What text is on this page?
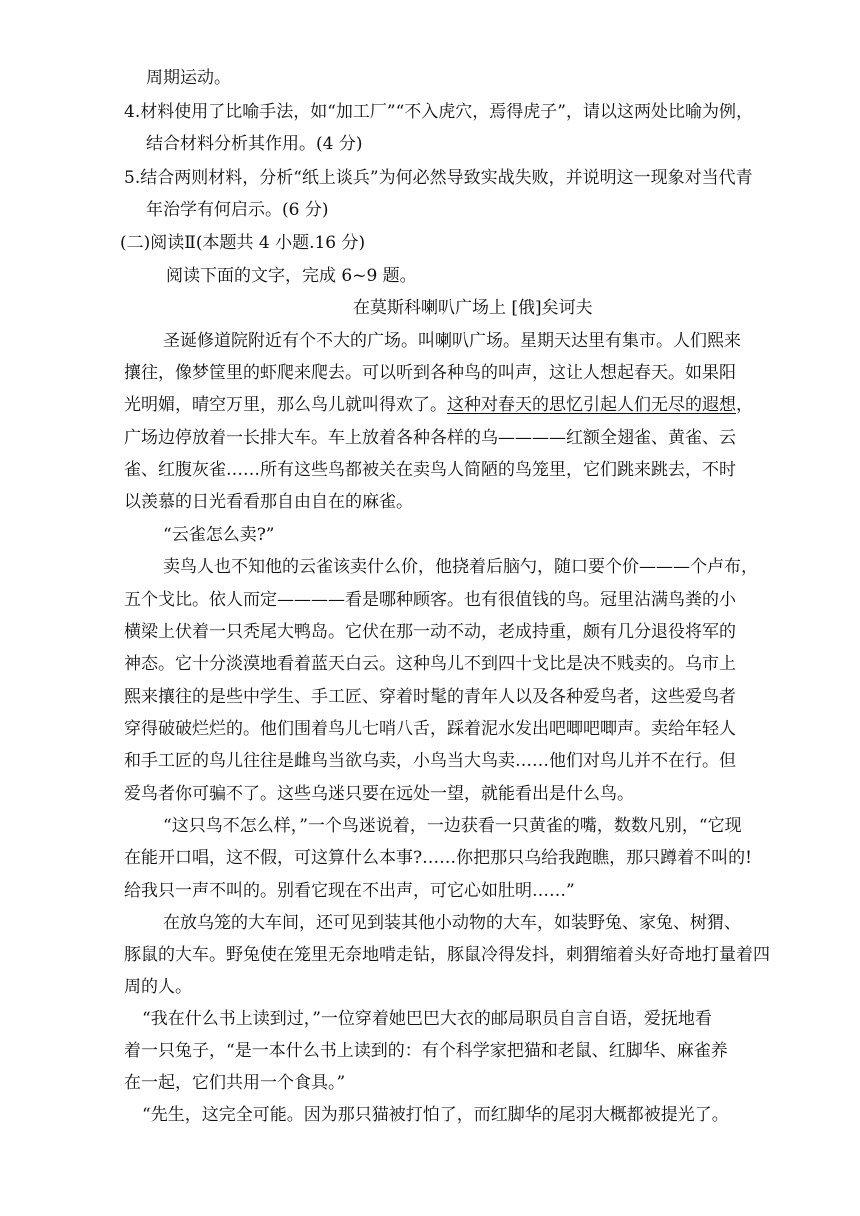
周期运动。
4.材料使用了比喻手法，如“加工厂”“不入虎穴，焉得虎子”，请以这两处比喻为例，
结合材料分析其作用。(4 分)
5.结合两则材料，分析“纸上谈兵”为何必然导致实战失败，并说明这一现象对当代青
年治学有何启示。(6 分)
(二)阅读Ⅱ(本题共 4 小题.16 分)
阅读下面的文字，完成 6~9 题。
在莫斯科喇叭广场上 [俄]矣诃夫
圣诞修道院附近有个不大的广场。叫喇叭广场。星期天达里有集市。人们熙来
攘往，像梦筐里的虾爬来爬去。可以听到各种鸟的叫声，这让人想起春天。如果阳
光明媚，晴空万里，那么鸟儿就叫得欢了。这种对春天的思忆引起人们无尽的遐想，
广场边停放着一长排大车。车上放着各种各样的乌————红额全翅雀、黄雀、云
雀、红腹灰雀……所有这些鸟都被关在卖鸟人简陋的鸟笼里，它们跳来跳去，不时
以羡慕的日光看看那自由自在的麻雀。
“云雀怎么卖?”
卖鸟人也不知他的云雀该卖什么价，他挠着后脑勺，随口要个价———个卢布，
五个戈比。依人而定————看是哪种顾客。也有很值钱的鸟。冠里沾满鸟粪的小
横梁上伏着一只秃尾大鸭岛。它伏在那一动不动，老成持重，颇有几分退役将军的
神态。它十分淡漠地看着蓝天白云。这种鸟儿不到四十戈比是决不贱卖的。乌市上
熙来攘往的是些中学生、手工匠、穿着时髦的青年人以及各种爱鸟者，这些爱鸟者
穿得破破烂烂的。他们围着鸟儿七哨八舌，踩着泥水发出吧唧吧唧声。卖给年轻人
和手工匠的鸟儿往往是雌鸟当欲乌卖，小鸟当大鸟卖……他们对鸟儿并不在行。但
爱鸟者你可骗不了。这些乌迷只要在远处一望，就能看出是什么鸟。
“这只鸟不怎么样，”一个鸟迷说着，一边获看一只黄雀的嘴，数数凡别，“它现
在能开口唱，这不假，可这算什么本事?……你把那只乌给我跑瞧，那只蹲着不叫的!
给我只一声不叫的。别看它现在不出声，可它心如肚明……”
在放乌笼的大车间，还可见到装其他小动物的大车，如装野兔、家兔、树猬、
豚鼠的大车。野兔使在笼里无奈地啃走钻，豚鼠冷得发抖，刺猬缩着头好奇地打量着四
周的人。
“我在什么书上读到过，”一位穿着她巴巴大衣的邮局职员自言自语，爱抚地看
着一只兔子，“是一本什么书上读到的：有个科学家把猫和老鼠、红脚华、麻雀养
在一起，它们共用一个食具。”
“先生，这完全可能。因为那只猫被打怕了，而红脚华的尾羽大概都被提光了。
